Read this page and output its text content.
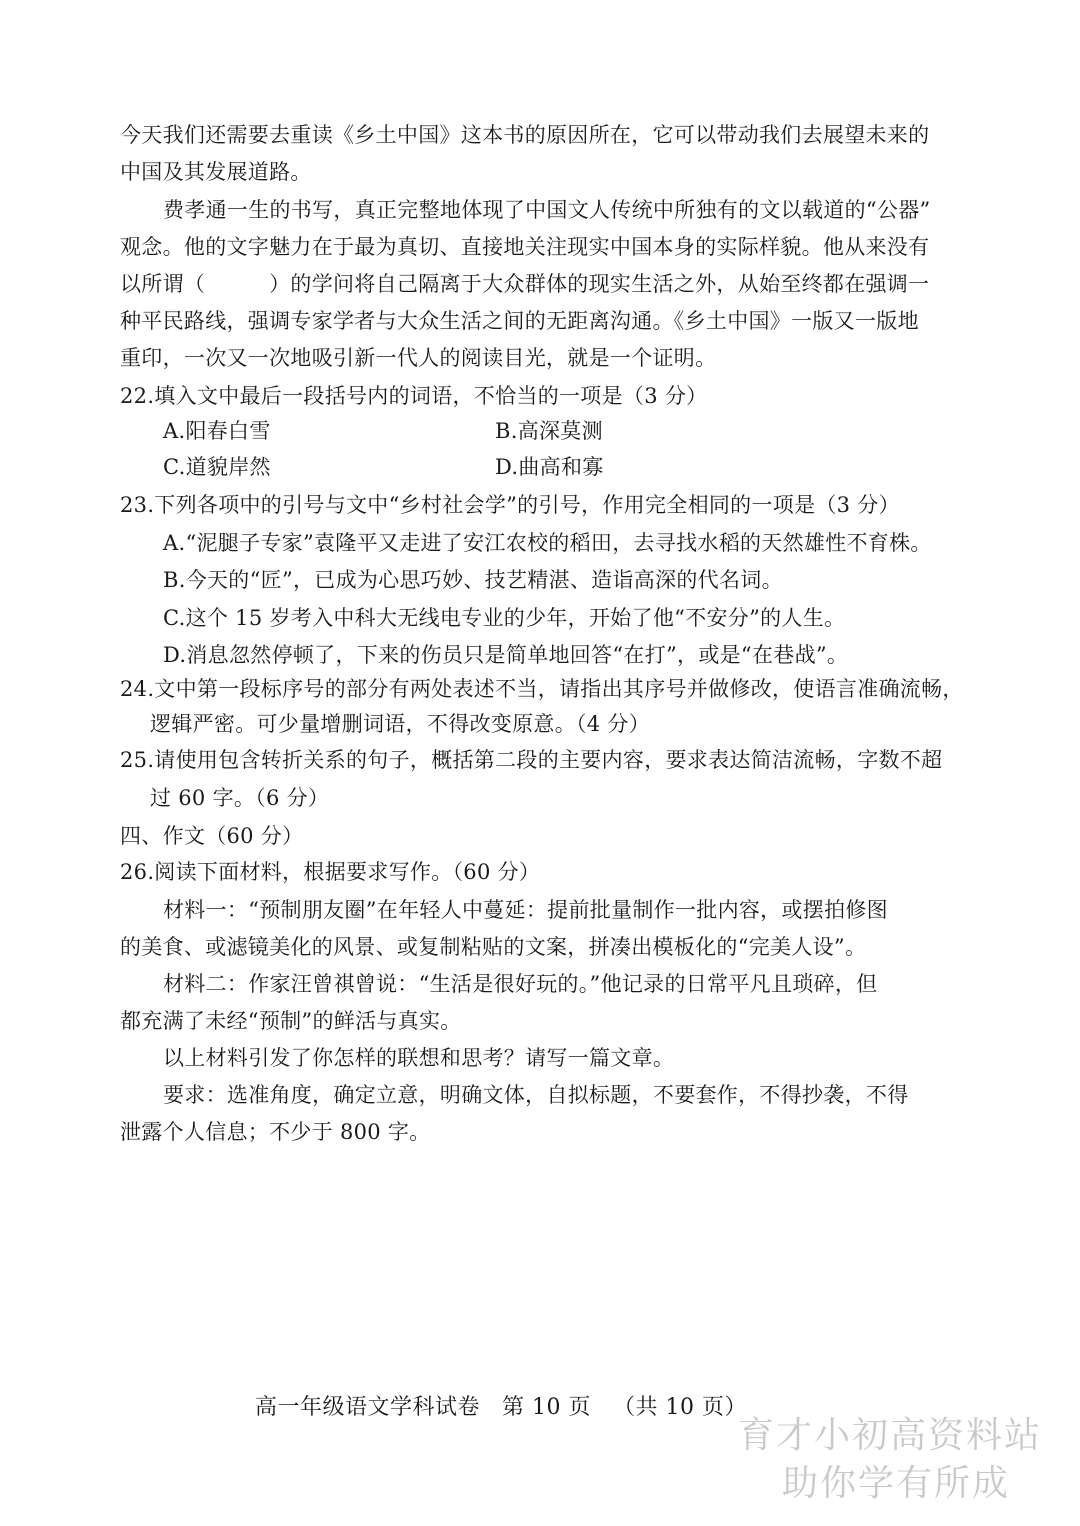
今天我们还需要去重读《乡土中国》这本书的原因所在，它可以带动我们去展望未来的
中国及其发展道路。
费孝通一生的书写，真正完整地体现了中国文人传统中所独有的文以载道的“公器”
观念。他的文字魅力在于最为真切、直接地关注现实中国本身的实际样貌。他从来没有
以所谓（　　　）的学问将自己隔离于大众群体的现实生活之外，从始至终都在强调一
种平民路线，强调专家学者与大众生活之间的无距离沟通。《乡土中国》一版又一版地
重印，一次又一次地吸引新一代人的阅读目光，就是一个证明。
22.填入文中最后一段括号内的词语，不恰当的一项是（3 分）
A.阳春白雪	B.高深莫测
C.道貌岸然	D.曲高和寡
23.下列各项中的引号与文中“乡村社会学”的引号，作用完全相同的一项是（3 分）
A.“泥腿子专家”袁隆平又走进了安江农校的稻田，去寻找水稻的天然雄性不育株。
B.今天的“匠”，已成为心思巧妙、技艺精湛、造诣高深的代名词。
C.这个 15 岁考入中科大无线电专业的少年，开始了他“不安分”的人生。
D.消息忽然停顿了，下来的伤员只是简单地回答“在打”，或是“在巷战”。
24.文中第一段标序号的部分有两处表述不当，请指出其序号并做修改，使语言准确流畅，
逻辑严密。可少量增删词语，不得改变原意。（4 分）
25.请使用包含转折关系的句子，概括第二段的主要内容，要求表达简洁流畅，字数不超
过 60 字。（6 分）
四、作文（60 分）
26.阅读下面材料，根据要求写作。（60 分）
材料一：“预制朋友圈”在年轻人中蔓延：提前批量制作一批内容，或摆拍修图
的美食、或滤镜美化的风景、或复制粘贴的文案，拼凑出模板化的“完美人设”。
材料二：作家汪曾祺曾说：“生活是很好玩的。”他记录的日常平凡且琐碎，但
都充满了未经“预制”的鲜活与真实。
以上材料引发了你怎样的联想和思考？请写一篇文章。
要求：选准角度，确定立意，明确文体，自拟标题，不要套作，不得抄袭，不得
泄露个人信息；不少于 800 字。
高一年级语文学科试卷 第 10 页 （共 10 页）
育才小初高资料站
助你学有所成
